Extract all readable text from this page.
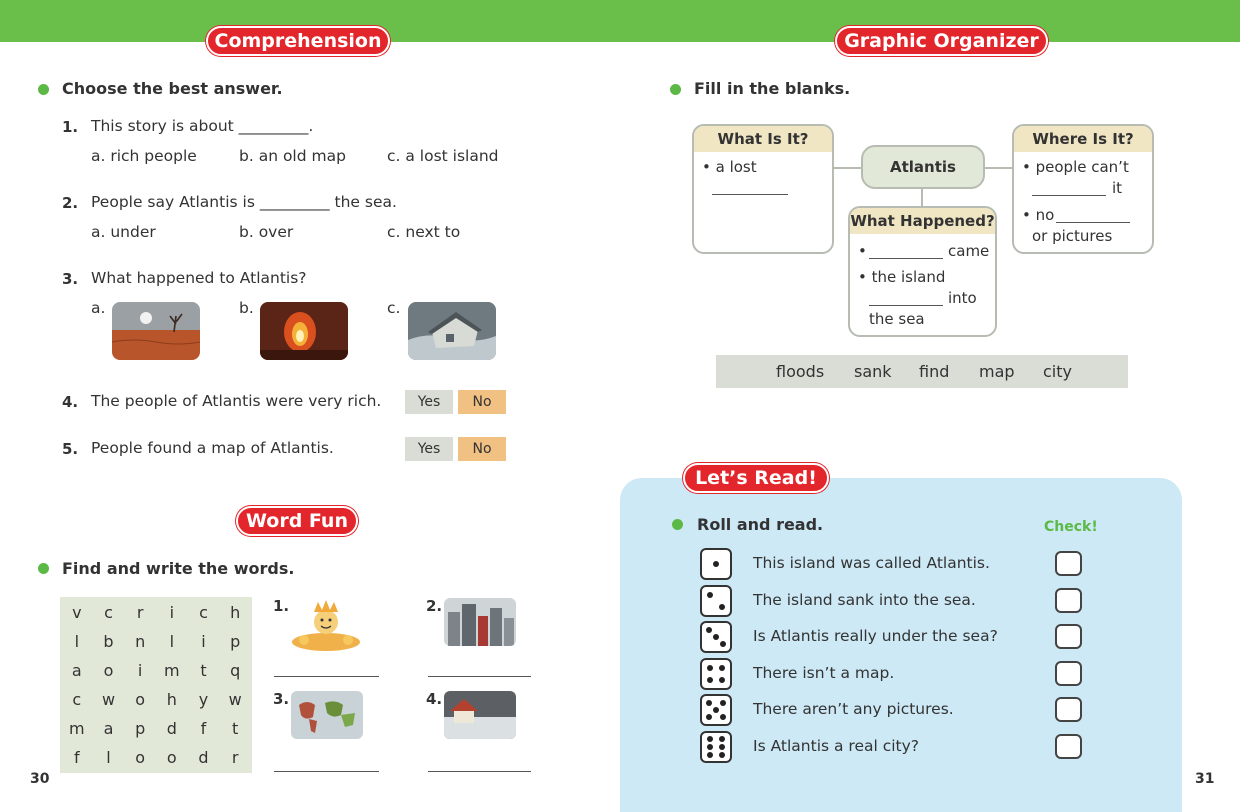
Comprehension	Graphic Organizer
Word Fun
Choose the best answer.
1. This story is about _________.
a. rich people	b. an old map	c. a lost island
2. People say Atlantis is _________ the sea.
a. under	b. over	c. next to
3. What happened to Atlantis?
a.	b.	c.
4. The people of Atlantis were very rich.	Yes	No
5. People found a map of Atlantis.	Yes	No
Find and write the words.
v	c	r	i	c	h
l	b	n	l	i	p
a	o	i	m	t	q
c	w	o	h	y	w
m	a	p	d	f	t
f	l	o	o	d	r
1.	2.
3.	4.
30
Fill in the blanks.
What Is It?
• a lost	Atlantis
Where Is It?
• people can’t
it
• no
or pictures
What Happened?
•	came
• the island
into
the sea
floods sank find map city
Let’s Read!
Roll and read.	Check!
This island was called Atlantis.
The island sank into the sea.
Is Atlantis really under the sea?
There isn’t a map.
There aren’t any pictures.
Is Atlantis a real city?
31
